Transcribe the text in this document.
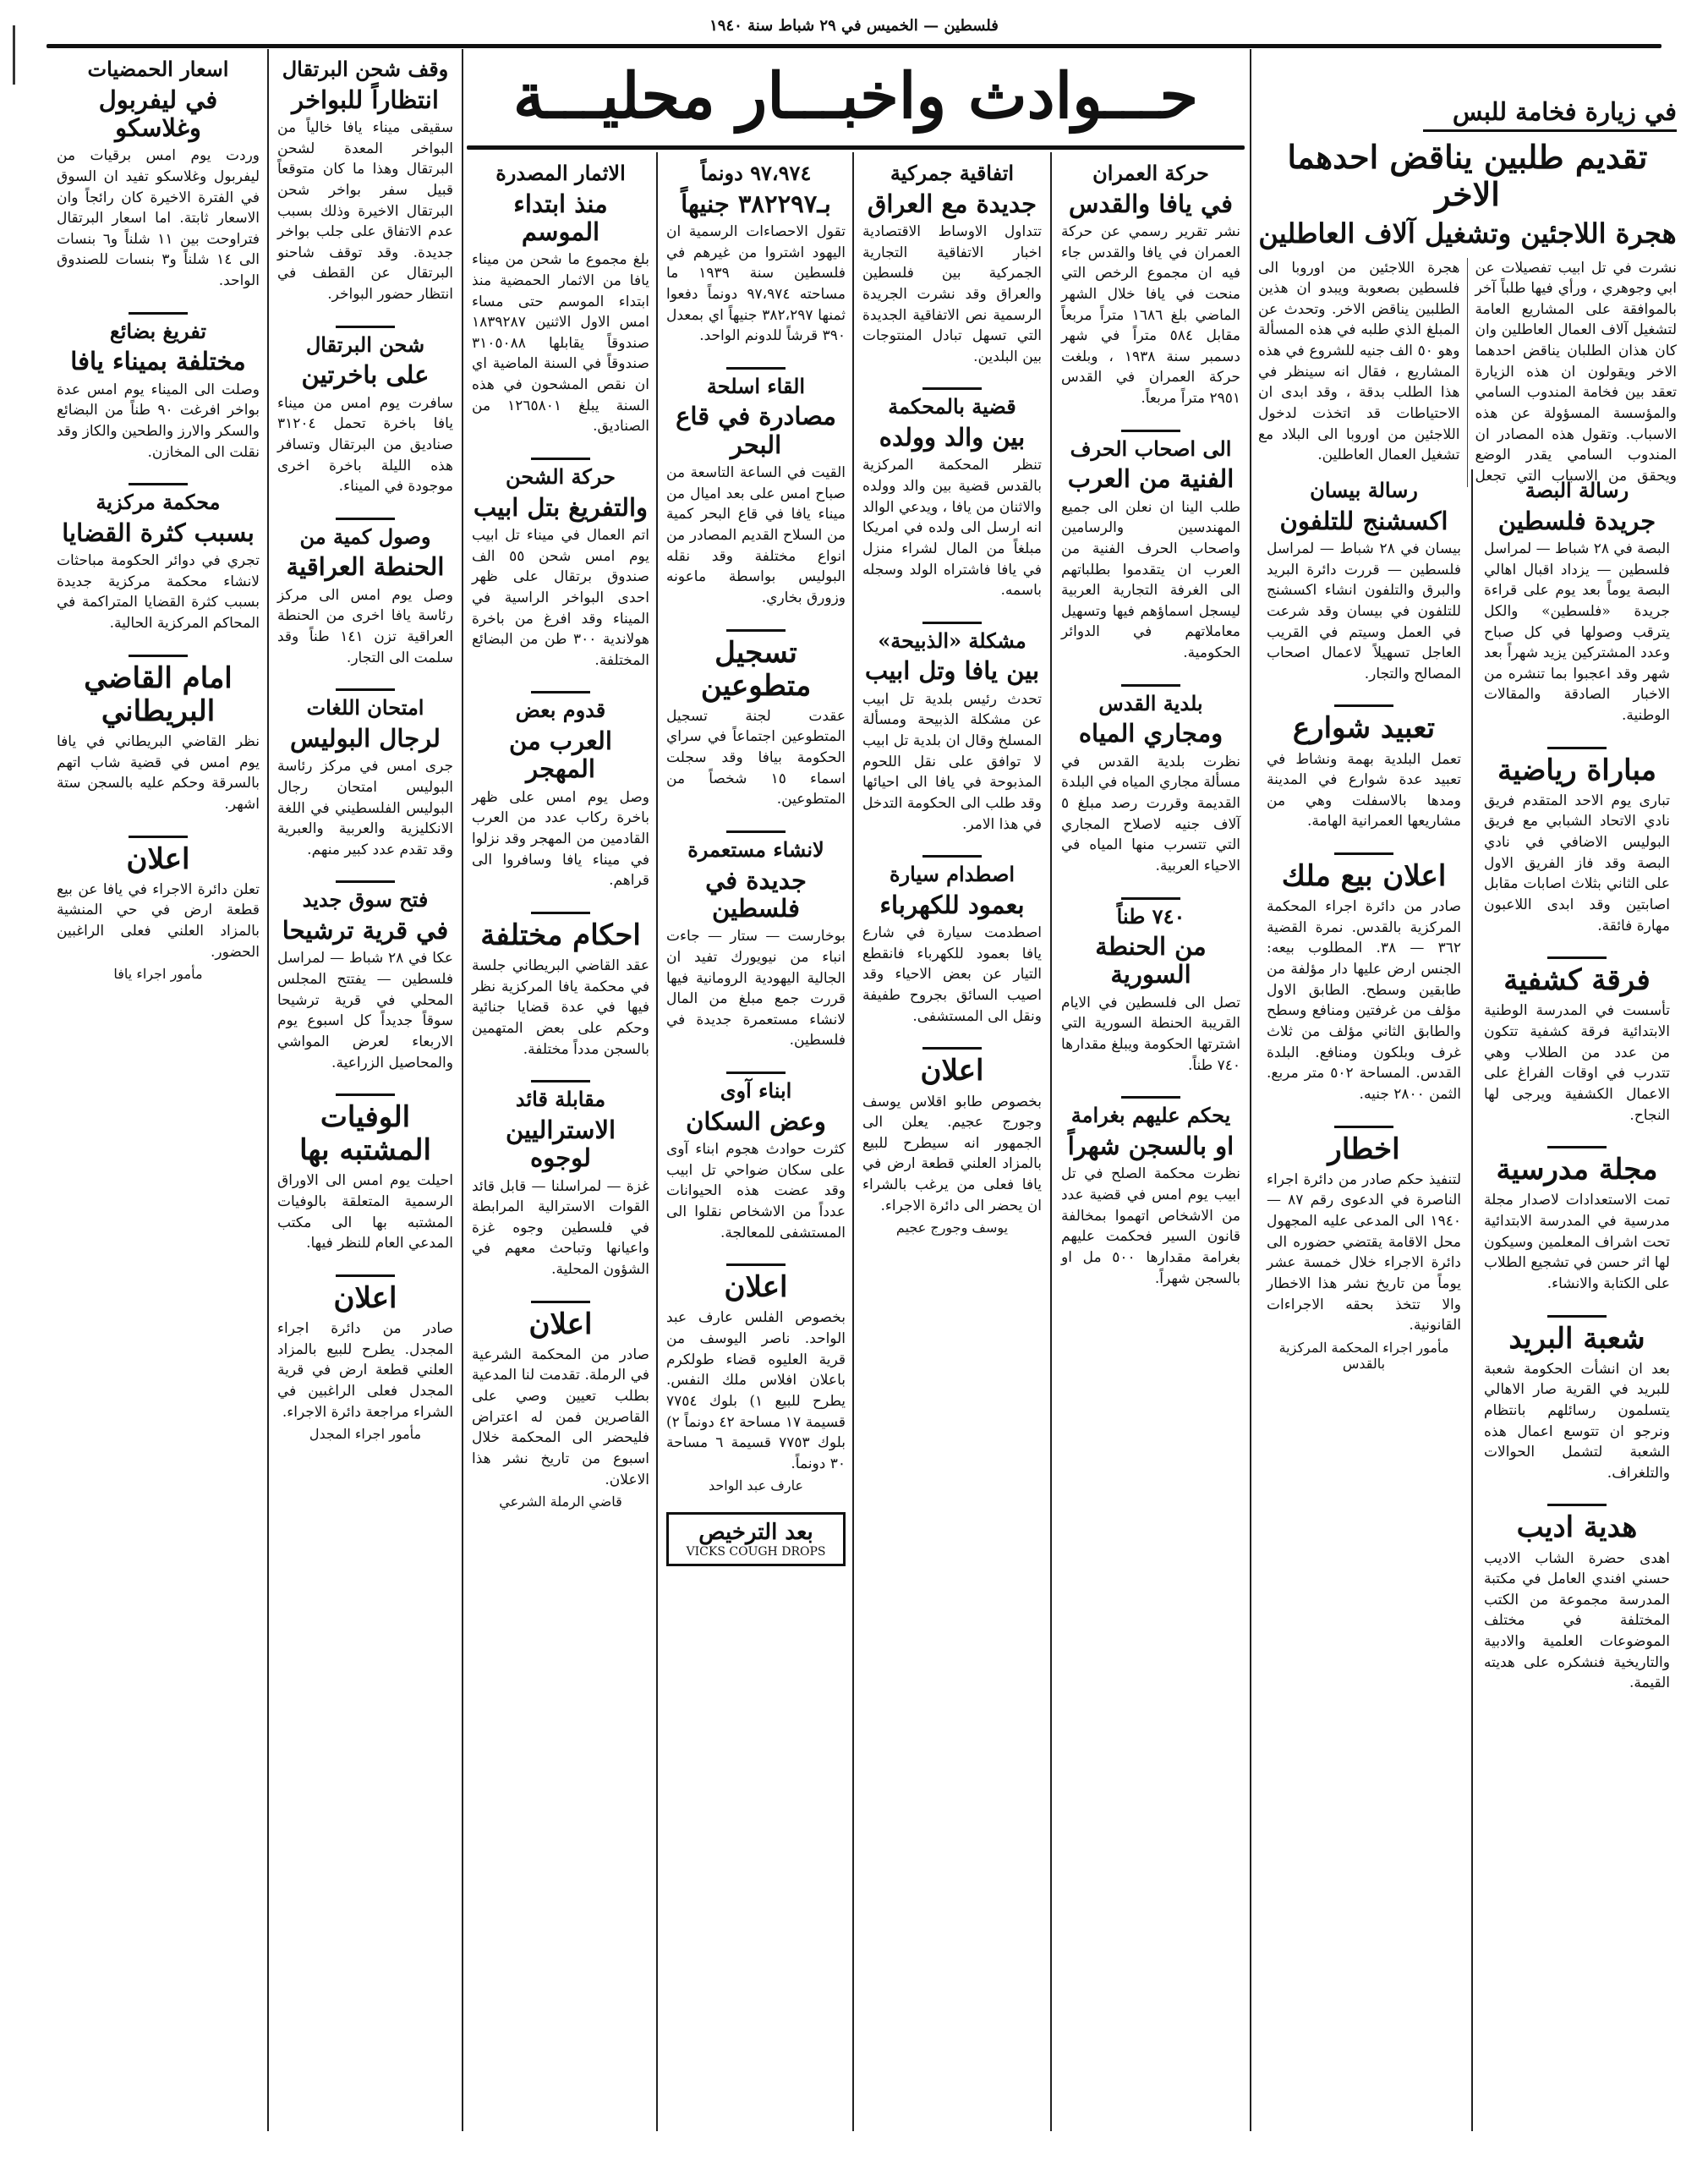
فلسطين — الخميس في ٢٩ شباط سنة ١٩٤٠
حـــوادث واخبـــار محليـــة	في زيارة فخامة للبس
تقديم طلبين يناقض احدهما الاخر
هجرة اللاجئين وتشغيل آلاف العاطلين
نشرت في تل ابيب تفصيلات عن ابي وجوهري ، ورأي فيها طلباً آخر بالموافقة على المشاريع العامة لتشغيل آلاف العمال العاطلين وان كان هذان الطلبان يناقض احدهما الاخر ويقولون ان هذه الزيارة تعقد بين فخامة المندوب السامي والمؤسسة المسؤولة عن هذه الاسباب. وتقول هذه المصادر ان المندوب السامي يقدر الوضع ويحقق من الاسباب التي تجعل هجرة اللاجئين من اوروبا الى فلسطين بصعوبة ويبدو ان هذين الطلبين يناقض الاخر. وتحدث عن المبلغ الذي طلبه في هذه المسألة وهو ٥٠ الف جنيه للشروع في هذه المشاريع ، فقال انه سينظر في هذا الطلب بدقة ، وقد ابدى ان الاحتياطات قد اتخذت لدخول اللاجئين من اوروبا الى البلاد مع تشغيل العمال العاطلين.
رسالة البصة
جريدة فلسطين
البصة في ٢٨ شباط — لمراسل فلسطين — يزداد اقبال اهالي البصة يوماً بعد يوم على قراءة جريدة «فلسطين» والكل يترقب وصولها في كل صباح وعدد المشتركين يزيد شهراً بعد شهر وقد اعجبوا بما تنشره من الاخبار الصادقة والمقالات الوطنية.
مباراة رياضية
تبارى يوم الاحد المتقدم فريق نادي الاتحاد الشبابي مع فريق البوليس الاضافي في نادي البصة وقد فاز الفريق الاول على الثاني بثلاث اصابات مقابل اصابتين وقد ابدى اللاعبون مهارة فائقة.
فرقة كشفية
تأسست في المدرسة الوطنية الابتدائية فرقة كشفية تتكون من عدد من الطلاب وهي تتدرب في اوقات الفراغ على الاعمال الكشفية ويرجى لها النجاح.
مجلة مدرسية
تمت الاستعدادات لاصدار مجلة مدرسية في المدرسة الابتدائية تحت اشراف المعلمين وسيكون لها اثر حسن في تشجيع الطلاب على الكتابة والانشاء.
شعبة البريد
بعد ان انشأت الحكومة شعبة للبريد في القرية صار الاهالي يتسلمون رسائلهم بانتظام ونرجو ان تتوسع اعمال هذه الشعبة لتشمل الحوالات والتلغراف.
هدية اديب
اهدى حضرة الشاب الاديب حسني افندي العامل في مكتبة المدرسة مجموعة من الكتب المختلفة في مختلف الموضوعات العلمية والادبية والتاريخية فنشكره على هديته القيمة.
رسالة بيسان
اكسشنج للتلفون
بيسان في ٢٨ شباط — لمراسل فلسطين — قررت دائرة البريد والبرق والتلفون انشاء اكسشنج للتلفون في بيسان وقد شرعت في العمل وسيتم في القريب العاجل تسهيلاً لاعمال اصحاب المصالح والتجار.
تعبيد شوارع
تعمل البلدية بهمة ونشاط في تعبيد عدة شوارع في المدينة ومدها بالاسفلت وهي من مشاريعها العمرانية الهامة.
اعلان بيع ملك
صادر من دائرة اجراء المحكمة المركزية بالقدس. نمرة القضية ٣٦٢ — ٣٨. المطلوب بيعه: الجنس ارض عليها دار مؤلفة من طابقين وسطح. الطابق الاول مؤلف من غرفتين ومنافع وسطح والطابق الثاني مؤلف من ثلاث غرف وبلكون ومنافع. البلدة القدس. المساحة ٥٠٢ متر مربع. الثمن ٢٨٠٠ جنيه.
اخطار
لتنفيذ حكم صادر من دائرة اجراء الناصرة في الدعوى رقم ٨٧ — ١٩٤٠ الى المدعى عليه المجهول محل الاقامة يقتضي حضوره الى دائرة الاجراء خلال خمسة عشر يوماً من تاريخ نشر هذا الاخطار والا تتخذ بحقه الاجراءات القانونية.
مأمور اجراء المحكمة المركزية بالقدس
حركة العمران
في يافا والقدس
نشر تقرير رسمي عن حركة العمران في يافا والقدس جاء فيه ان مجموع الرخص التي منحت في يافا خلال الشهر الماضي بلغ ١٦٨٦ متراً مربعاً مقابل ٥٨٤ متراً في شهر دسمبر سنة ١٩٣٨ ، وبلغت حركة العمران في القدس ٢٩٥١ متراً مربعاً.
الى اصحاب الحرف
الفنية من العرب
طلب الينا ان نعلن الى جميع المهندسين والرسامين واصحاب الحرف الفنية من العرب ان يتقدموا بطلباتهم الى الغرفة التجارية العربية ليسجل اسماؤهم فيها وتسهيل معاملاتهم في الدوائر الحكومية.
بلدية القدس
ومجاري المياه
نظرت بلدية القدس في مسألة مجاري المياه في البلدة القديمة وقررت رصد مبلغ ٥ آلاف جنيه لاصلاح المجاري التي تتسرب منها المياه في الاحياء العربية.
٧٤٠ طناً
من الحنطة السورية
تصل الى فلسطين في الايام القريبة الحنطة السورية التي اشترتها الحكومة ويبلغ مقدارها ٧٤٠ طناً.
يحكم عليهم بغرامة
او بالسجن شهراً
نظرت محكمة الصلح في تل ابيب يوم امس في قضية عدد من الاشخاص اتهموا بمخالفة قانون السير فحكمت عليهم بغرامة مقدارها ٥٠٠ مل او بالسجن شهراً.
اتفاقية جمركية
جديدة مع العراق
تتداول الاوساط الاقتصادية اخبار الاتفاقية التجارية الجمركية بين فلسطين والعراق وقد نشرت الجريدة الرسمية نص الاتفاقية الجديدة التي تسهل تبادل المنتوجات بين البلدين.
قضية بالمحكمة
بين والد وولده
تنظر المحكمة المركزية بالقدس قضية بين والد وولده والاثنان من يافا ، ويدعي الوالد انه ارسل الى ولده في امريكا مبلغاً من المال لشراء منزل في يافا فاشتراه الولد وسجله باسمه.
مشكلة «الذبيحة»
بين يافا وتل ابيب
تحدث رئيس بلدية تل ابيب عن مشكلة الذبيحة ومسألة المسلخ وقال ان بلدية تل ابيب لا توافق على نقل اللحوم المذبوحة في يافا الى احيائها وقد طلب الى الحكومة التدخل في هذا الامر.
اصطدام سيارة
بعمود للكهرباء
اصطدمت سيارة في شارع يافا بعمود للكهرباء فانقطع التيار عن بعض الاحياء وقد اصيب السائق بجروح طفيفة ونقل الى المستشفى.
اعلان
بخصوص طابو اقلاس يوسف وجورج عجيم. يعلن الى الجمهور انه سيطرح للبيع بالمزاد العلني قطعة ارض في يافا فعلى من يرغب بالشراء ان يحضر الى دائرة الاجراء.
يوسف وجورج عجيم
٩٧،٩٧٤ دونماً
بـ٣٨٢٢٩٧ جنيهاً
تقول الاحصاءات الرسمية ان اليهود اشتروا من غيرهم في فلسطين سنة ١٩٣٩ ما مساحته ٩٧،٩٧٤ دونماً دفعوا ثمنها ٣٨٢،٢٩٧ جنيهاً اي بمعدل ٣٩٠ قرشاً للدونم الواحد.
القاء اسلحة
مصادرة في قاع البحر
القيت في الساعة التاسعة من صباح امس على بعد اميال من ميناء يافا في قاع البحر كمية من السلاح القديم المصادر من انواع مختلفة وقد نقله البوليس بواسطة ماعونه وزورق بخاري.
تسجيل متطوعين
عقدت لجنة تسجيل المتطوعين اجتماعاً في سراي الحكومة بيافا وقد سجلت اسماء ١٥ شخصاً من المتطوعين.
لانشاء مستعمرة
جديدة في فلسطين
بوخارست — ستار — جاءت انباء من نيويورك تفيد ان الجالية اليهودية الرومانية فيها قررت جمع مبلغ من المال لانشاء مستعمرة جديدة في فلسطين.
ابناء آوى
وعض السكان
كثرت حوادث هجوم ابناء آوى على سكان ضواحي تل ابيب وقد عضت هذه الحيوانات عدداً من الاشخاص نقلوا الى المستشفى للمعالجة.
اعلان
بخصوص الفلس عارف عبد الواحد. ناصر اليوسف من قرية العليوه قضاء طولكرم باعلان افلاس ملك النفس. يطرح للبيع ١) بلوك ٧٧٥٤ قسيمة ١٧ مساحة ٤٢ دونماً ٢) بلوك ٧٧٥٣ قسيمة ٦ مساحة ٣٠ دونماً.
عارف عبد الواحد
بعد الترخيص
VICKS COUGH DROPS
الاثمار المصدرة
منذ ابتداء الموسم
بلغ مجموع ما شحن من ميناء يافا من الاثمار الحمضية منذ ابتداء الموسم حتى مساء امس الاول الاثنين ١٨٣٩٢٨٧ صندوقاً يقابلها ٣١٠٥٠٨٨ صندوقاً في السنة الماضية اي ان نقص المشحون في هذه السنة يبلغ ١٢٦٥٨٠١ من الصناديق.
حركة الشحن
والتفريغ بتل ابيب
اتم العمال في ميناء تل ابيب يوم امس شحن ٥٥ الف صندوق برتقال على ظهر احدى البواخر الراسية في الميناء وقد افرغ من باخرة هولاندية ٣٠٠ طن من البضائع المختلفة.
قدوم بعض
العرب من المهجر
وصل يوم امس على ظهر باخرة ركاب عدد من العرب القادمين من المهجر وقد نزلوا في ميناء يافا وسافروا الى قراهم.
احكام مختلفة
عقد القاضي البريطاني جلسة في محكمة يافا المركزية نظر فيها في عدة قضايا جنائية وحكم على بعض المتهمين بالسجن مدداً مختلفة.
مقابلة قائد
الاستراليين لوجوه
غزة — لمراسلنا — قابل قائد القوات الاسترالية المرابطة في فلسطين وجوه غزة واعيانها وتباحث معهم في الشؤون المحلية.
اعلان
صادر من المحكمة الشرعية في الرملة. تقدمت لنا المدعية بطلب تعيين وصي على القاصرين فمن له اعتراض فليحضر الى المحكمة خلال اسبوع من تاريخ نشر هذا الاعلان.
قاضي الرملة الشرعي
وقف شحن البرتقال
انتظاراً للبواخر
سقيقى ميناء يافا خالياً من البواخر المعدة لشحن البرتقال وهذا ما كان متوقعاً قبيل سفر بواخر شحن البرتقال الاخيرة وذلك بسبب عدم الاتفاق على جلب بواخر جديدة. وقد توقف شاحنو البرتقال عن القطف في انتظار حضور البواخر.
شحن البرتقال
على باخرتين
سافرت يوم امس من ميناء يافا باخرة تحمل ٣١٢٠٤ صناديق من البرتقال وتسافر هذه الليلة باخرة اخرى موجودة في الميناء.
وصول كمية من
الحنطة العراقية
وصل يوم امس الى مركز رئاسة يافا اخرى من الحنطة العراقية تزن ١٤١ طناً وقد سلمت الى التجار.
امتحان اللغات
لرجال البوليس
جرى امس في مركز رئاسة البوليس امتحان رجال البوليس الفلسطيني في اللغة الانكليزية والعربية والعبرية وقد تقدم عدد كبير منهم.
فتح سوق جديد
في قرية ترشيحا
عكا في ٢٨ شباط — لمراسل فلسطين — يفتتح المجلس المحلي في قرية ترشيحا سوقاً جديداً كل اسبوع يوم الاربعاء لعرض المواشي والمحاصيل الزراعية.
الوفيات المشتبه بها
احيلت يوم امس الى الاوراق الرسمية المتعلقة بالوفيات المشتبه بها الى مكتب المدعي العام للنظر فيها.
اعلان
صادر من دائرة اجراء المجدل. يطرح للبيع بالمزاد العلني قطعة ارض في قرية المجدل فعلى الراغبين في الشراء مراجعة دائرة الاجراء.
مأمور اجراء المجدل
اسعار الحمضيات
في ليفربول وغلاسكو
وردت يوم امس برقيات من ليفربول وغلاسكو تفيد ان السوق في الفترة الاخيرة كان رائجاً وان الاسعار ثابتة. اما اسعار البرتقال فتراوحت بين ١١ شلناً و٦ بنسات الى ١٤ شلناً و٣ بنسات للصندوق الواحد.
تفريغ بضائع
مختلفة بميناء يافا
وصلت الى الميناء يوم امس عدة بواخر افرغت ٩٠ طناً من البضائع والسكر والارز والطحين والكاز وقد نقلت الى المخازن.
محكمة مركزية
بسبب كثرة القضايا
تجري في دوائر الحكومة مباحثات لانشاء محكمة مركزية جديدة بسبب كثرة القضايا المتراكمة في المحاكم المركزية الحالية.
امام القاضي البريطاني
نظر القاضي البريطاني في يافا يوم امس في قضية شاب اتهم بالسرقة وحكم عليه بالسجن ستة اشهر.
اعلان
تعلن دائرة الاجراء في يافا عن بيع قطعة ارض في حي المنشية بالمزاد العلني فعلى الراغبين الحضور.
مأمور اجراء يافا
